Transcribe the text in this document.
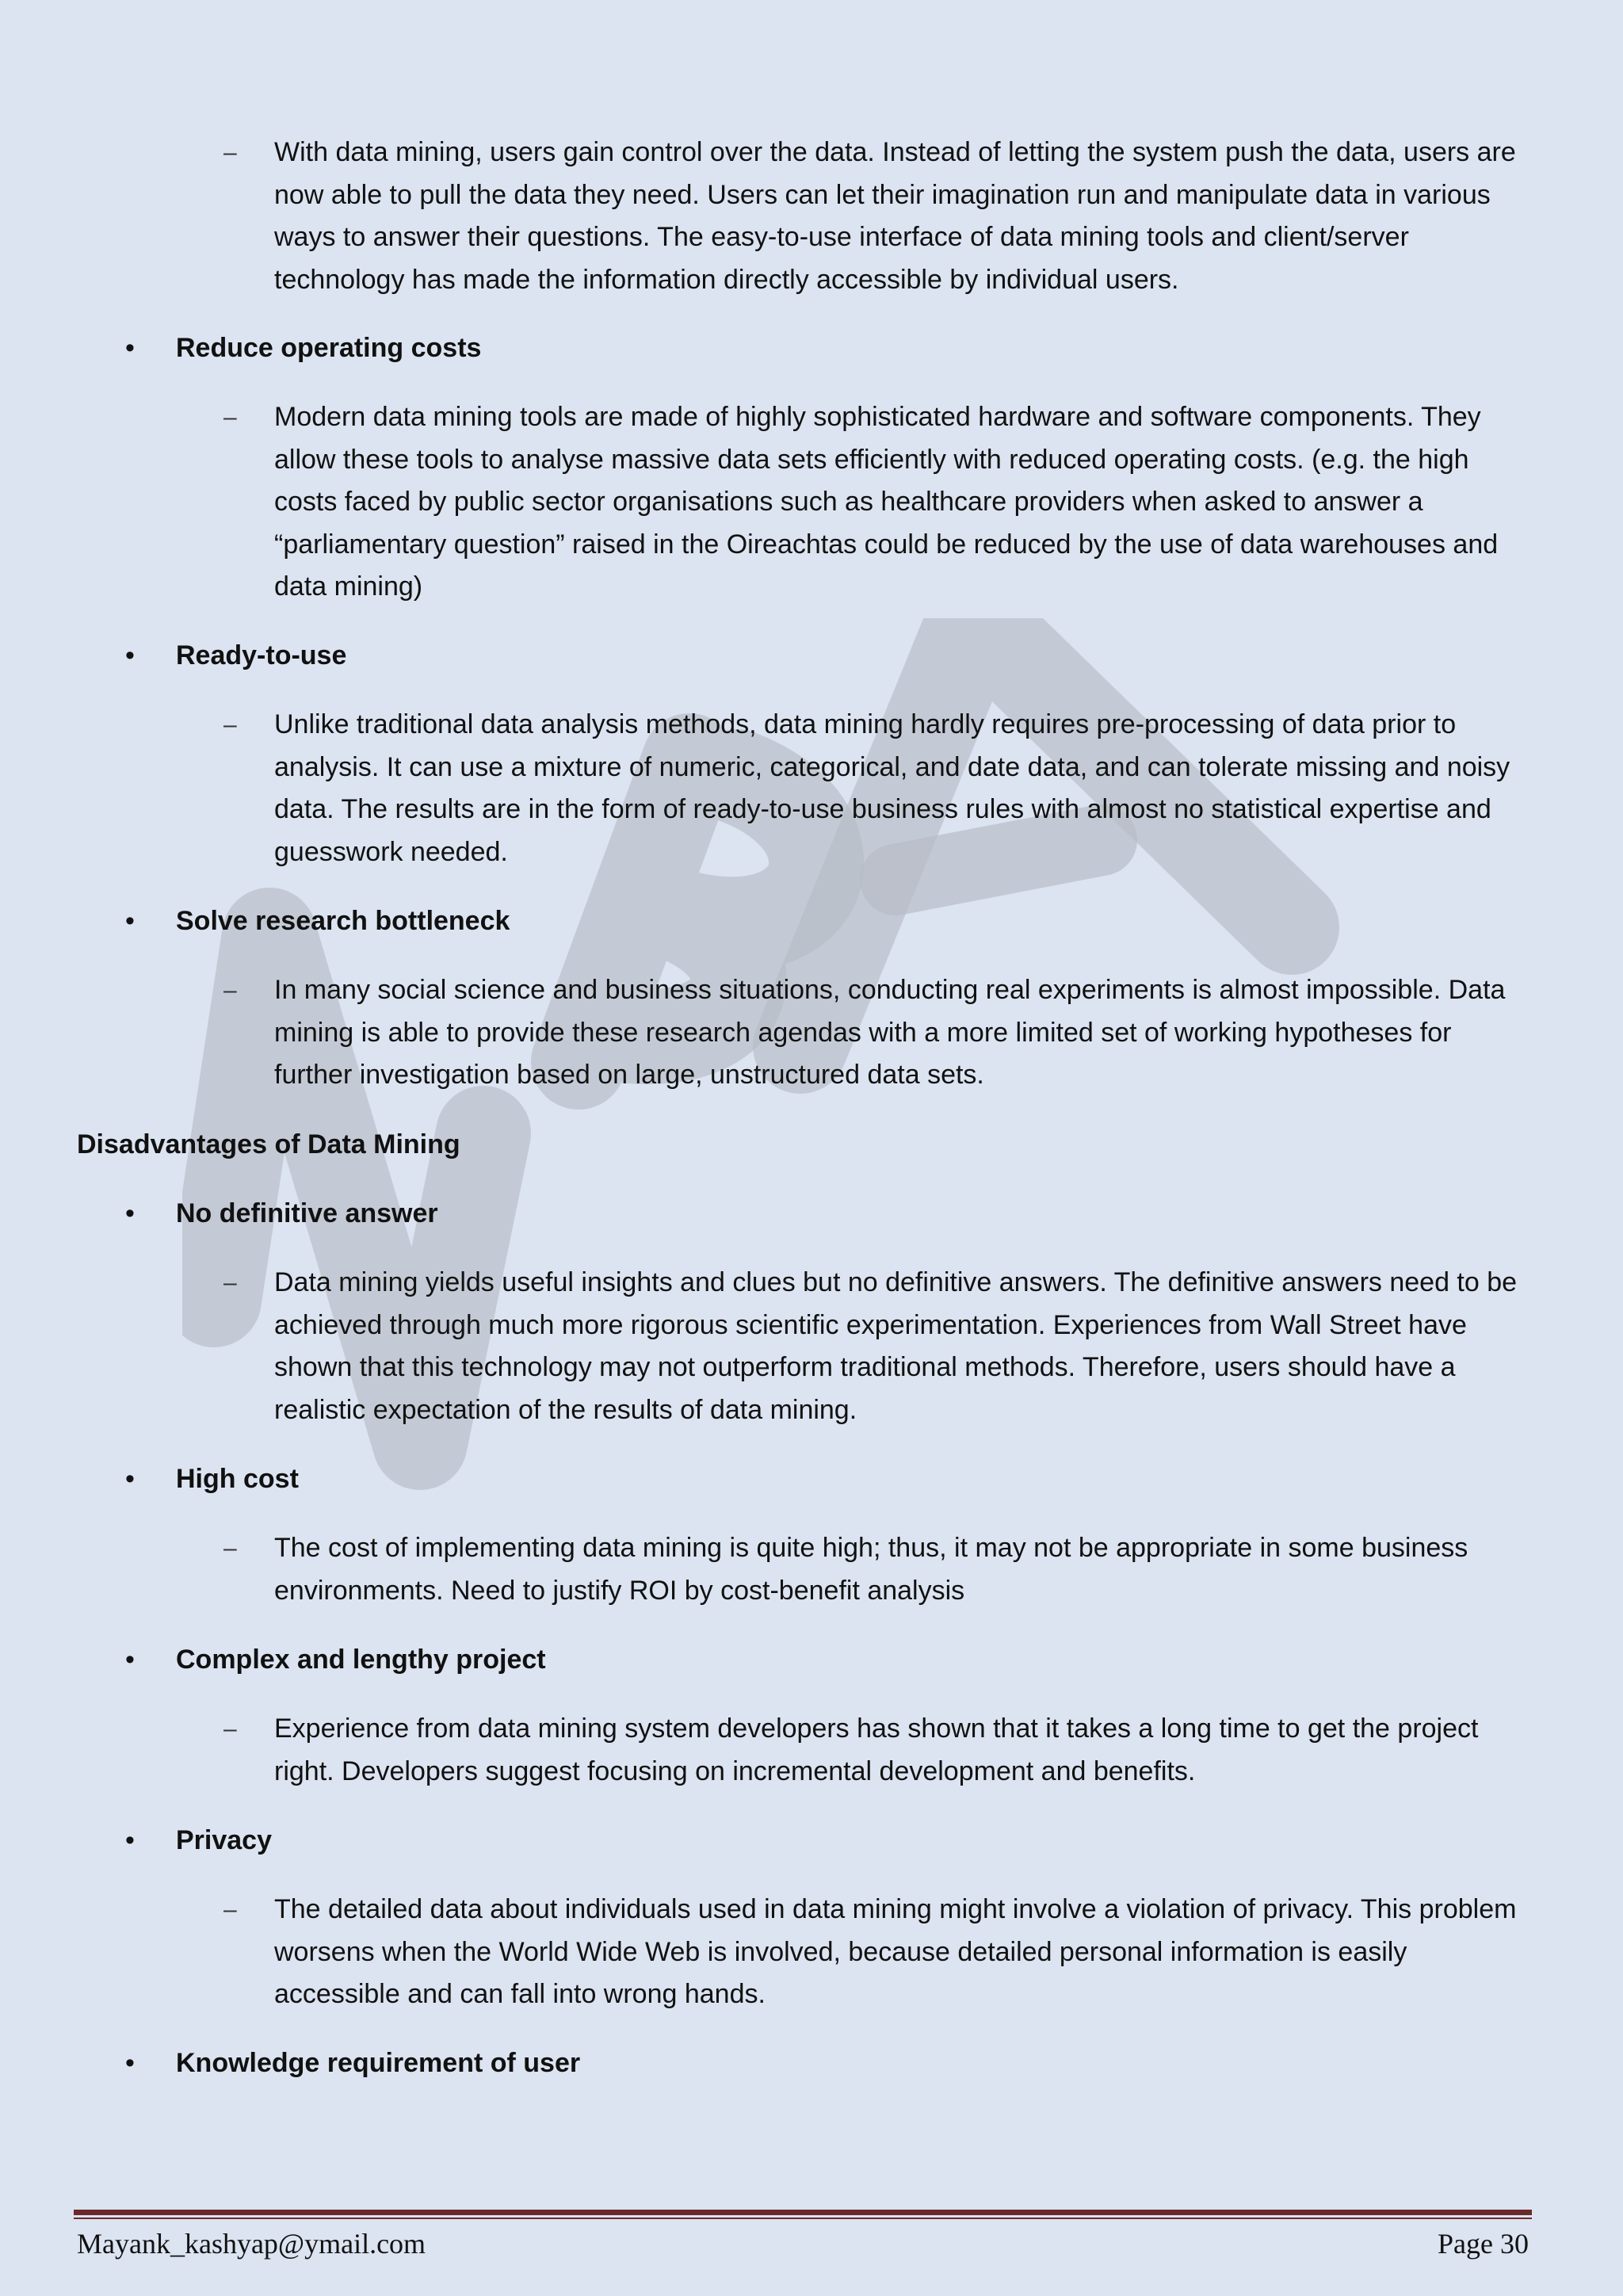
– With data mining, users gain control over the data. Instead of letting the system push the data, users are now able to pull the data they need. Users can let their imagination run and manipulate data in various ways to answer their questions. The easy-to-use interface of data mining tools and client/server technology has made the information directly accessible by individual users.
• Reduce operating costs
– Modern data mining tools are made of highly sophisticated hardware and software components. They allow these tools to analyse massive data sets efficiently with reduced operating costs. (e.g. the high costs faced by public sector organisations such as healthcare providers when asked to answer a “parliamentary question” raised in the Oireachtas could be reduced by the use of data warehouses and data mining)
• Ready-to-use
– Unlike traditional data analysis methods, data mining hardly requires pre-processing of data prior to analysis. It can use a mixture of numeric, categorical, and date data, and can tolerate missing and noisy data. The results are in the form of ready-to-use business rules with almost no statistical expertise and guesswork needed.
• Solve research bottleneck
– In many social science and business situations, conducting real experiments is almost impossible. Data mining is able to provide these research agendas with a more limited set of working hypotheses for further investigation based on large, unstructured data sets.
Disadvantages of Data Mining
• No definitive answer
– Data mining yields useful insights and clues but no definitive answers. The definitive answers need to be achieved through much more rigorous scientific experimentation. Experiences from Wall Street have shown that this technology may not outperform traditional methods. Therefore, users should have a realistic expectation of the results of data mining.
• High cost
– The cost of implementing data mining is quite high; thus, it may not be appropriate in some business environments. Need to justify ROI by cost-benefit analysis
• Complex and lengthy project
– Experience from data mining system developers has shown that it takes a long time to get the project right. Developers suggest focusing on incremental development and benefits.
• Privacy
– The detailed data about individuals used in data mining might involve a violation of privacy. This problem worsens when the World Wide Web is involved, because detailed personal information is easily accessible and can fall into wrong hands.
• Knowledge requirement of user
Mayank_kashyap@ymail.com	Page 30
